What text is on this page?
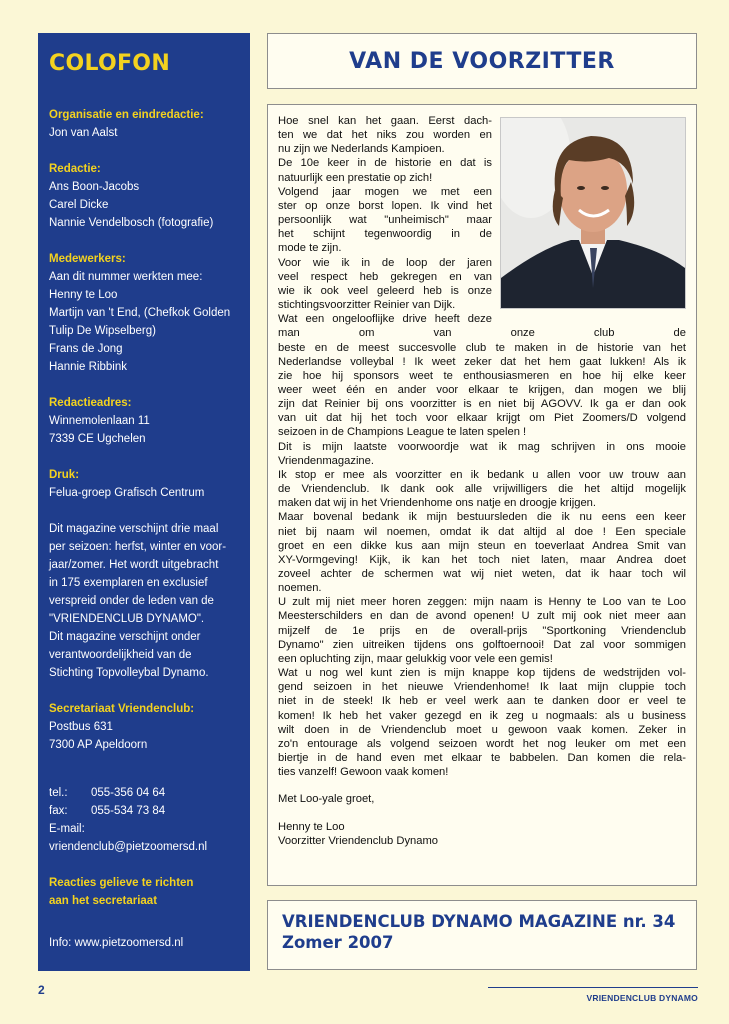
COLOFON
Organisatie en eindredactie:
Jon van Aalst
Redactie:
Ans Boon-Jacobs
Carel Dicke
Nannie Vendelbosch (fotografie)
Medewerkers:
Aan dit nummer werkten mee:
Henny te Loo
Martijn van 't End, (Chefkok Golden
Tulip De Wipselberg)
Frans de Jong
Hannie Ribbink
Redactieadres:
Winnemolenlaan 11
7339 CE Ugchelen
Druk:
Felua-groep Grafisch Centrum
Dit magazine verschijnt drie maal
per seizoen: herfst, winter en voor-
jaar/zomer. Het wordt uitgebracht
in 175 exemplaren en exclusief
verspreid onder de leden van de
"VRIENDENCLUB DYNAMO".
Dit magazine verschijnt onder
verantwoordelijkheid van de
Stichting Topvolleybal Dynamo.
Secretariaat Vriendenclub:
Postbus 631
7300 AP Apeldoorn
tel.:	055-356 04 64
fax:	055-534 73 84
E-mail:
vriendenclub@pietzoomersd.nl
Reacties gelieve te richten
aan het secretariaat
Info: www.pietzoomersd.nl
VAN DE VOORZITTER
Hoe snel kan het gaan. Eerst dach-
ten we dat het niks zou worden en
nu zijn we Nederlands Kampioen.
De 10e keer in de historie en dat is
natuurlijk een prestatie op zich!
Volgend jaar mogen we met een
ster op onze borst lopen. Ik vind het
persoonlijk wat "unheimisch" maar
het schijnt tegenwoordig in de
mode te zijn.
Voor wie ik in de loop der jaren
veel respect heb gekregen en van
wie ik ook veel geleerd heb is onze
stichtingsvoorzitter Reinier van Dijk.
Wat een ongelooflijke drive heeft deze man om van onze club de
beste en de meest succesvolle club te maken in de historie van het
Nederlandse volleybal ! Ik weet zeker dat het hem gaat lukken! Als ik
zie hoe hij sponsors weet te enthousiasmeren en hoe hij elke keer
weer weet één en ander voor elkaar te krijgen, dan mogen we blij
zijn dat Reinier bij ons voorzitter is en niet bij AGOVV. Ik ga er dan ook
van uit dat hij het toch voor elkaar krijgt om Piet Zoomers/D volgend
seizoen in de Champions League te laten spelen !
Dit is mijn laatste voorwoordje wat ik mag schrijven in ons mooie
Vriendenmagazine.
Ik stop er mee als voorzitter en ik bedank u allen voor uw trouw aan
de Vriendenclub. Ik dank ook alle vrijwilligers die het altijd mogelijk
maken dat wij in het Vriendenhome ons natje en droogje krijgen.
Maar bovenal bedank ik mijn bestuursleden die ik nu eens een keer
niet bij naam wil noemen, omdat ik dat altijd al doe ! Een speciale
groet en een dikke kus aan mijn steun en toeverlaat Andrea Smit van
XY-Vormgeving! Kijk, ik kan het toch niet laten, maar Andrea doet
zoveel achter de schermen wat wij niet weten, dat ik haar toch wil
noemen.
U zult mij niet meer horen zeggen: mijn naam is Henny te Loo van te Loo
Meesterschilders en dan de avond openen! U zult mij ook niet meer aan
mijzelf de 1e prijs en de overall-prijs "Sportkoning Vriendenclub
Dynamo" zien uitreiken tijdens ons golftoernooi! Dat zal voor sommigen
een opluchting zijn, maar gelukkig voor vele een gemis!
Wat u nog wel kunt zien is mijn knappe kop tijdens de wedstrijden vol-
gend seizoen in het nieuwe Vriendenhome! Ik laat mijn cluppie toch
niet in de steek! Ik heb er veel werk aan te danken door er veel te
komen! Ik heb het vaker gezegd en ik zeg u nogmaals: als u business
wilt doen in de Vriendenclub moet u gewoon vaak komen. Zeker in
zo'n entourage als volgend seizoen wordt het nog leuker om met een
biertje in de hand even met elkaar te babbelen. Dan komen die rela-
ties vanzelf! Gewoon vaak komen!

Met Loo-yale groet,

Henny te Loo

Voorzitter Vriendenclub Dynamo

VRIENDENCLUB DYNAMO MAGAZINE nr. 34
Zomer 2007
2
VRIENDENCLUB DYNAMO
